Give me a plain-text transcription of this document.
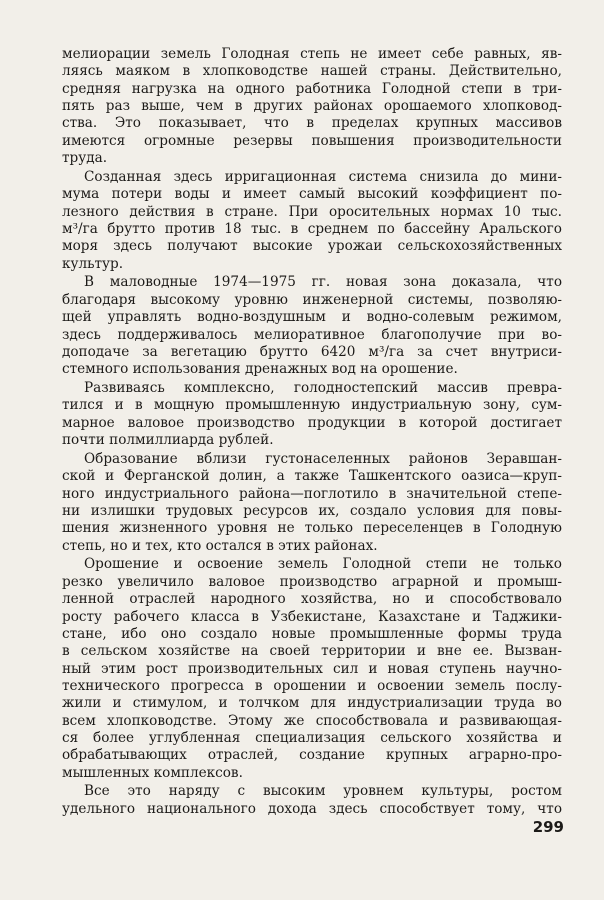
мелиорации земель Голодная степь не имеет себе равных, яв-
ляясь маяком в хлопководстве нашей страны. Действительно,
средняя нагрузка на одного работника Голодной степи в три-
пять раз выше, чем в других районах орошаемого хлопковод-
ства. Это показывает, что в пределах крупных массивов
имеются огромные резервы повышения производительности
труда.
Созданная здесь ирригационная система снизила до мини-
мума потери воды и имеет самый высокий коэффициент по-
лезного действия в стране. При оросительных нормах 10 тыс.
м³/га брутто против 18 тыс. в среднем по бассейну Аральского
моря здесь получают высокие урожаи сельскохозяйственных
культур.
В маловодные 1974—1975 гг. новая зона доказала, что
благодаря высокому уровню инженерной системы, позволяю-
щей управлять водно-воздушным и водно-солевым режимом,
здесь поддерживалось мелиоративное благополучие при во-
доподаче за вегетацию брутто 6420 м³/га за счет внутриси-
стемного использования дренажных вод на орошение.
Развиваясь комплексно, голодностепский массив превра-
тился и в мощную промышленную индустриальную зону, сум-
марное валовое производство продукции в которой достигает
почти полмиллиарда рублей.
Образование вблизи густонаселенных районов Зеравшан-
ской и Ферганской долин, а также Ташкентского оазиса—круп-
ного индустриального района—поглотило в значительной степе-
ни излишки трудовых ресурсов их, создало условия для повы-
шения жизненного уровня не только переселенцев в Голодную
степь, но и тех, кто остался в этих районах.
Орошение и освоение земель Голодной степи не только
резко увеличило валовое производство аграрной и промыш-
ленной отраслей народного хозяйства, но и способствовало
росту рабочего класса в Узбекистане, Казахстане и Таджики-
стане, ибо оно создало новые промышленные формы труда
в сельском хозяйстве на своей территории и вне ее. Вызван-
ный этим рост производительных сил и новая ступень научно-
технического прогресса в орошении и освоении земель послу-
жили и стимулом, и толчком для индустриализации труда во
всем хлопководстве. Этому же способствовала и развивающая-
ся более углубленная специализация сельского хозяйства и
обрабатывающих отраслей, создание крупных аграрно-про-
мышленных комплексов.
Все это наряду с высоким уровнем культуры, ростом
удельного национального дохода здесь способствует тому, что
299
